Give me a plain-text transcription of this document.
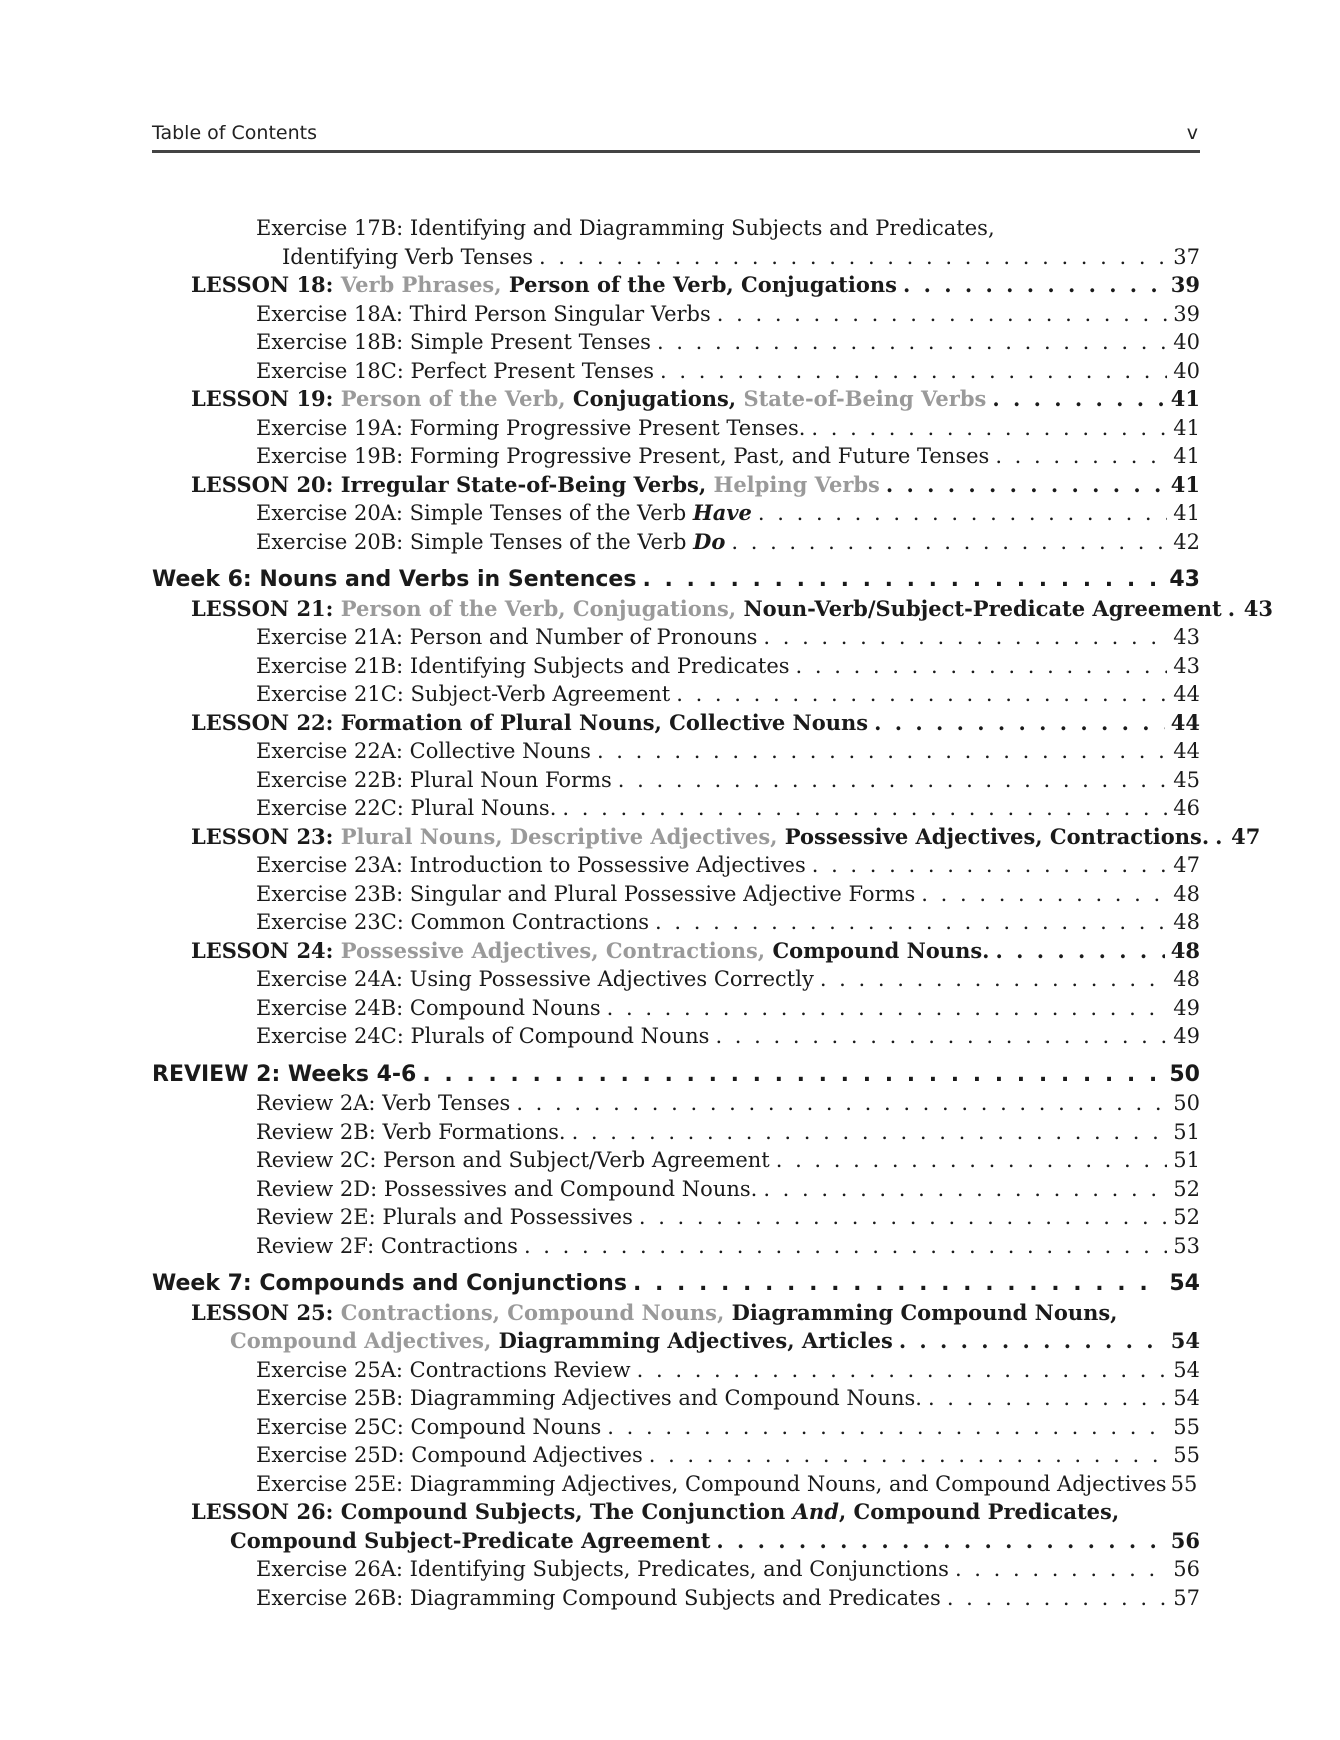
Table of Contents	v
Exercise 17B: Identifying and Diagramming Subjects and Predicates,
Identifying Verb Tenses . . .	37
LESSON 18: Verb Phrases, Person of the Verb, Conjugations . . .	39
Exercise 18A: Third Person Singular Verbs . . .	39
Exercise 18B: Simple Present Tenses . . .	40
Exercise 18C: Perfect Present Tenses . . .	40
LESSON 19: Person of the Verb, Conjugations, State-of-Being Verbs . . .	41
Exercise 19A: Forming Progressive Present Tenses. . . .	41
Exercise 19B: Forming Progressive Present, Past, and Future Tenses . . .	41
LESSON 20: Irregular State-of-Being Verbs, Helping Verbs . . .	41
Exercise 20A: Simple Tenses of the Verb Have . . .	41
Exercise 20B: Simple Tenses of the Verb Do . . .	42
Week 6: Nouns and Verbs in Sentences . . .	43
LESSON 21: Person of the Verb, Conjugations, Noun-Verb/Subject-Predicate Agreement . . . 43
Exercise 21A: Person and Number of Pronouns . . .	43
Exercise 21B: Identifying Subjects and Predicates . . .	43
Exercise 21C: Subject-Verb Agreement . . .	44
LESSON 22: Formation of Plural Nouns, Collective Nouns . . .	44
Exercise 22A: Collective Nouns . . .	44
Exercise 22B: Plural Noun Forms . . .	45
Exercise 22C: Plural Nouns. . . .	46
LESSON 23: Plural Nouns, Descriptive Adjectives, Possessive Adjectives, Contractions. . . . 47
Exercise 23A: Introduction to Possessive Adjectives . . .	47
Exercise 23B: Singular and Plural Possessive Adjective Forms . . .	48
Exercise 23C: Common Contractions . . .	48
LESSON 24: Possessive Adjectives, Contractions, Compound Nouns. . . .	48
Exercise 24A: Using Possessive Adjectives Correctly . . .	48
Exercise 24B: Compound Nouns . . .	49
Exercise 24C: Plurals of Compound Nouns . . .	49
REVIEW 2: Weeks 4-6 . . .	50
Review 2A: Verb Tenses . . .	50
Review 2B: Verb Formations. . . .	51
Review 2C: Person and Subject/Verb Agreement . . .	51
Review 2D: Possessives and Compound Nouns. . . .	52
Review 2E: Plurals and Possessives . . .	52
Review 2F: Contractions . . .	53
Week 7: Compounds and Conjunctions . . .	54
LESSON 25: Contractions, Compound Nouns, Diagramming Compound Nouns,
Compound Adjectives, Diagramming Adjectives, Articles . . .	54
Exercise 25A: Contractions Review . . .	54
Exercise 25B: Diagramming Adjectives and Compound Nouns. . . .	54
Exercise 25C: Compound Nouns . . .	55
Exercise 25D: Compound Adjectives . . .	55
Exercise 25E: Diagramming Adjectives, Compound Nouns, and Compound Adjectives 55
LESSON 26: Compound Subjects, The Conjunction And, Compound Predicates,
Compound Subject-Predicate Agreement . . .	56
Exercise 26A: Identifying Subjects, Predicates, and Conjunctions . . .	56
Exercise 26B: Diagramming Compound Subjects and Predicates . . .	57
